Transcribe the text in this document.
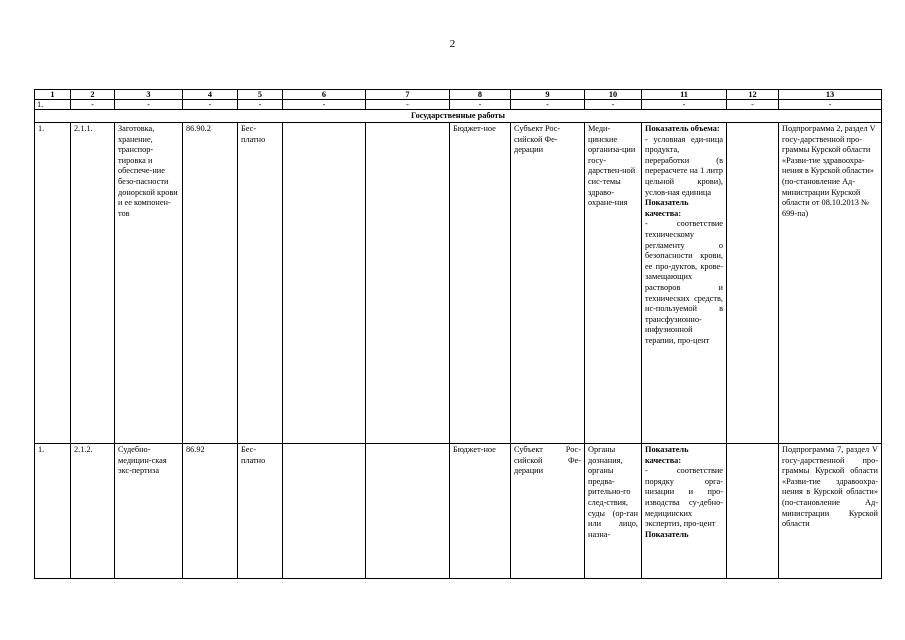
2
1	2	3	4	5	6	7	8	9	10	11	12	13
1.	-	-	-	-	-	-	-	-	-	-	-	-
Государственные работы												
1.	2.1.1.	Заготовка, хранение, транспор-тировка и обеспече-ние безо-пасности донорской крови и ее компонен-тов	86.90.2	Бес-платно			Бюджет-ное	Субъект Рос-сийской Фе-дерации	Меди-цинские организа-ции госу-дарствен-ной сис-темы здраво-охране-ния	Показатель объема:
- условная еди-ница продукта, переработки (в перерасчете на 1 литр цельной крови), услов-ная единица
Показатель качества:
- соответствие техническому регламенту о безопасности крови, ее про-дуктов, крове-замещающих растворов и технических средств, ис-пользуемой в трансфузионно-инфузионной терапии, про-цент		Подпрограмма 2, раздел V госу-дарственной про-граммы Курской области «Разви-тие здравоохра-нения в Курской области» (по-становление Ад-министрации Курской области от 08.10.2013 № 699-па)
1.	2.1.2.	Судебно-медицин-ская экс-пертиза	86.92	Бес-платно			Бюджет-ное	Субъект Рос-сийской Фе-дерации	Органы дознания, органы предва-рительно-го след-ствия, суды (ор-ган или лицо, назна-	Показатель качества:
- соответствие порядку орга-низации и про-изводства су-дебно-медицинских экспертиз, про-цент
Показатель		Подпрограмма 7, раздел V госу-дарственной про-граммы Курской области «Разви-тие здравоохра-нения в Курской области» (по-становление Ад-министрации Курской области
